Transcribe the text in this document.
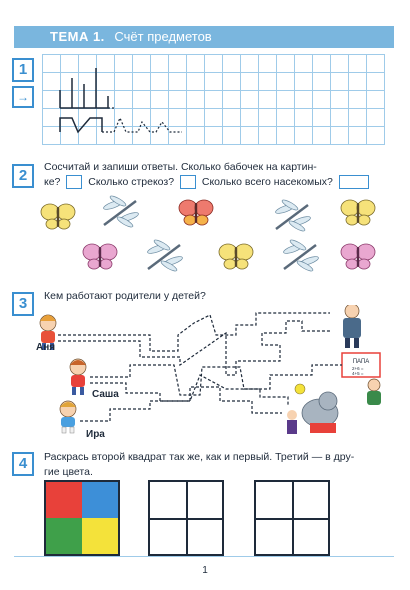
ТЕМА 1. Счёт предметов
1
→
2	Сосчитай и запиши ответы. Сколько бабочек на картин-
ке?	Сколько стрекоз?	Сколько всего насекомых?
3	Кем работают родители у детей?
ПАПА
2+6 =
4+5 =
Аня
Саша
Ира
4	Раскрась второй квадрат так же, как и первый. Третий — в дру-
гие цвета.
1
